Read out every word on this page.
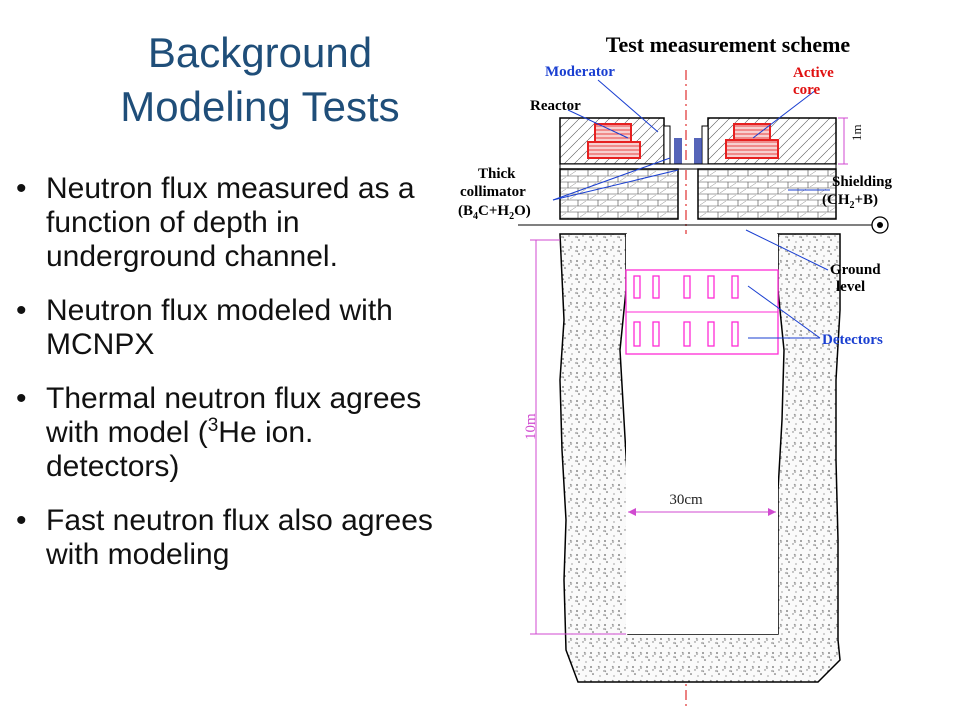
Background
Modeling Tests
• Neutron flux measured as a function of depth in underground channel.
• Neutron flux modeled with MCNPX
• Thermal neutron flux agrees with model ($^3$He ion. detectors)
• Fast neutron flux also agrees with modeling
Test measurement scheme
1m
10m
30cm
Moderator	Active
core
Reactor
Thick
collimator
$(B_4C+H_2O)$
Shielding
$(CH_2+B)$
Ground
level
Detectors
